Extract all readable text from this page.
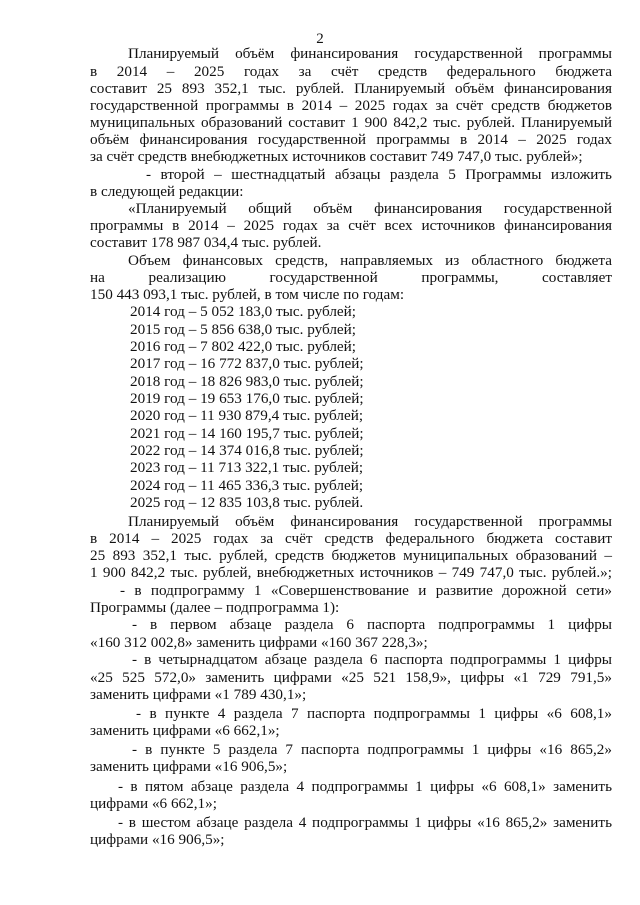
2

Планируемый объём финансирования государственной программы

в 2014 – 2025 годах за счёт средств федерального бюджета

составит 25 893 352,1 тыс. рублей. Планируемый объём финансирования

государственной программы в 2014 – 2025 годах за счёт средств бюджетов

муниципальных образований составит 1 900 842,2 тыс. рублей. Планируемый

объём финансирования государственной программы в 2014 – 2025 годах

за счёт средств внебюджетных источников составит 749 747,0 тыс. рублей»;

- второй – шестнадцатый абзацы раздела 5 Программы изложить

в следующей редакции:

«Планируемый общий объём финансирования государственной

программы в 2014 – 2025 годах за счёт всех источников финансирования

составит 178 987 034,4 тыс. рублей.

Объем финансовых средств, направляемых из областного бюджета

на реализацию государственной программы, составляет

150 443 093,1 тыс. рублей, в том числе по годам:

2014 год – 5 052 183,0 тыс. рублей;

2015 год – 5 856 638,0 тыс. рублей;

2016 год – 7 802 422,0 тыс. рублей;

2017 год – 16 772 837,0 тыс. рублей;

2018 год – 18 826 983,0 тыс. рублей;

2019 год – 19 653 176,0 тыс. рублей;

2020 год – 11 930 879,4 тыс. рублей;

2021 год – 14 160 195,7 тыс. рублей;

2022 год – 14 374 016,8 тыс. рублей;

2023 год – 11 713 322,1 тыс. рублей;

2024 год – 11 465 336,3 тыс. рублей;

2025 год – 12 835 103,8 тыс. рублей.

Планируемый объём финансирования государственной программы

в 2014 – 2025 годах за счёт средств федерального бюджета составит

25 893 352,1 тыс. рублей, средств бюджетов муниципальных образований –

1 900 842,2 тыс. рублей, внебюджетных источников – 749 747,0 тыс. рублей.»;

- в подпрограмму 1 «Совершенствование и развитие дорожной сети»

Программы (далее – подпрограмма 1):

- в первом абзаце раздела 6 паспорта подпрограммы 1 цифры

«160 312 002,8» заменить цифрами «160 367 228,3»;

- в четырнадцатом абзаце раздела 6 паспорта подпрограммы 1 цифры

«25 525 572,0» заменить цифрами «25 521 158,9», цифры «1 729 791,5»

заменить цифрами «1 789 430,1»;

- в пункте 4 раздела 7 паспорта подпрограммы 1 цифры «6 608,1»

заменить цифрами «6 662,1»;

- в пункте 5 раздела 7 паспорта подпрограммы 1 цифры «16 865,2»

заменить цифрами «16 906,5»;

- в пятом абзаце раздела 4 подпрограммы 1 цифры «6 608,1» заменить

цифрами «6 662,1»;

- в шестом абзаце раздела 4 подпрограммы 1 цифры «16 865,2» заменить

цифрами «16 906,5»;
